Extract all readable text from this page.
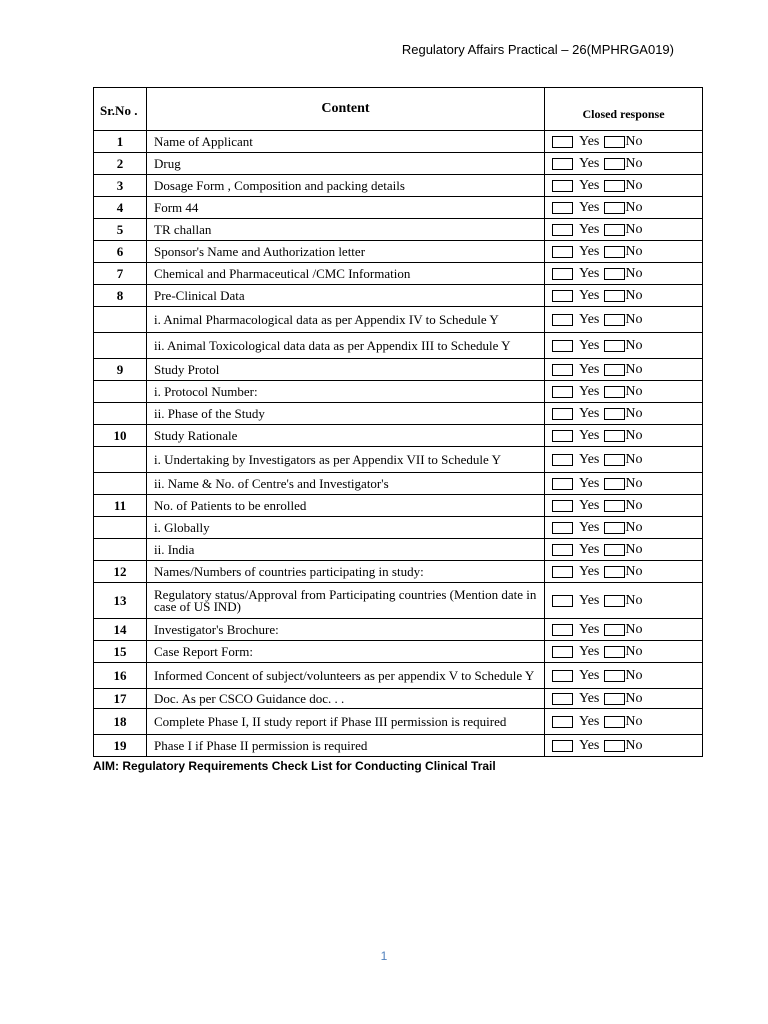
Regulatory Affairs Practical – 26(MPHRGA019)
Sr.No .	Content	Closed response
1	Name of Applicant	Yes No
2	Drug	Yes No
3	Dosage Form , Composition and packing details	Yes No
4	Form 44	Yes No
5	TR challan	Yes No
6	Sponsor's Name and Authorization letter	Yes No
7	Chemical and Pharmaceutical /CMC Information	Yes No
8	Pre-Clinical Data	Yes No
	i. Animal Pharmacological data as per Appendix IV to Schedule Y	Yes No
	ii. Animal Toxicological data data as per Appendix III to Schedule Y	Yes No
9	Study Protol	Yes No
	i. Protocol Number:	Yes No
	ii. Phase of the Study	Yes No
10	Study Rationale	Yes No
	i. Undertaking by Investigators as per Appendix VII to Schedule Y	Yes No
	ii. Name & No. of Centre's and Investigator's	Yes No
11	No. of Patients to be enrolled	Yes No
	i. Globally	Yes No
	ii. India	Yes No
12	Names/Numbers of countries participating in study:	Yes No
13	Regulatory status/Approval from Participating countries (Mention date in case of US IND)	Yes No
14	Investigator's Brochure:	Yes No
15	Case Report Form:	Yes No
16	Informed Concent of subject/volunteers as per appendix V to Schedule Y	Yes No
17	Doc. As per CSCO Guidance doc. . .	Yes No
18	Complete Phase I, II study report if Phase III permission is required	Yes No
19	Phase I if Phase II permission is required	Yes No
AIM: Regulatory Requirements Check List for Conducting Clinical Trail
1
